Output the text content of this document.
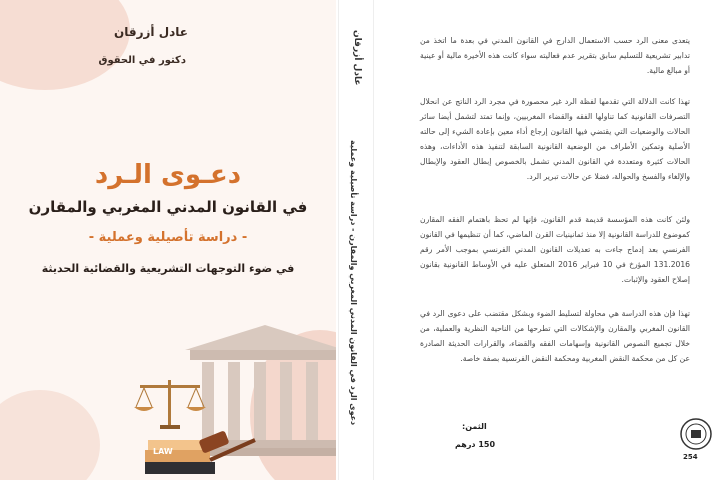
عادل أزرقان
دكتور في الحقوق
دعـوى الـرد
في القانون المدني المغربي والمقارن
- دراسة تأصيلية وعملية -
في ضوء التوجهات التشريعية والقضائية الحديثة
LAW
عادل أزرقان
دعوى الرد في القانون المدني المغربي والمقارن - دراسة تأصيلية وعملية
يتعدى معنى الرد حسب الاستعمال الدارج في القانون المدني في بعدة ما اتخذ من تدابير تشريعية للتسليم سابق بتقرير عدم فعاليته سواء كانت هذه الأخيرة مالية أو عينية أو مبالغ مالية.
تهذا كانت الدلالة التي تقدمها لفظة الرد غير محصورة في مجرد الرد الناتج عن انحلال التصرفات القانونية كما تناولها الفقه والقضاء المغربيين، وإنما تمتد لتشمل أيضا سائر الحالات والوضعيات التي يقتضي فيها القانون إرجاع أداء معين بإعادة الشيء إلى حالته الأصلية وتمكين الأطراف من الوضعية القانونية السابقة لتنفيذ هذه الأداءات، وهذه الحالات كثيرة ومتعددة في القانون المدني تشمل بالخصوص إبطال العقود والإبطال والإلغاء والفسخ والحوالة، فضلا عن حالات تبرير الرد.
ولئن كانت هذه المؤسسة قديمة قدم القانون، فإنها لم تحظ باهتمام الفقه المقارن كموضوع للدراسة القانونية إلا منذ ثمانينيات القرن الماضي، كما أن تنظيمها في القانون الفرنسي بعد إدماج جاءت به تعديلات القانون المدني الفرنسي بموجب الأمر رقم 131.2016 المؤرخ في 10 فبراير 2016 المتعلق عليه في الأوساط القانونية بقانون إصلاح العقود والإثبات.
تهذا فإن هذه الدراسة هي محاولة لتسليط الضوء وبشكل مقتضب على دعوى الرد في القانون المغربي والمقارن والإشكالات التي تطرحها من الناحية النظرية والعملية، من خلال تجميع النصوص القانونية وإسهامات الفقه والقضاء، والقرارات الحديثة الصادرة عن كل من محكمة النقض المغربية ومحكمة النقض الفرنسية بصفة خاصة.
الثمن:
150 درهم
254
